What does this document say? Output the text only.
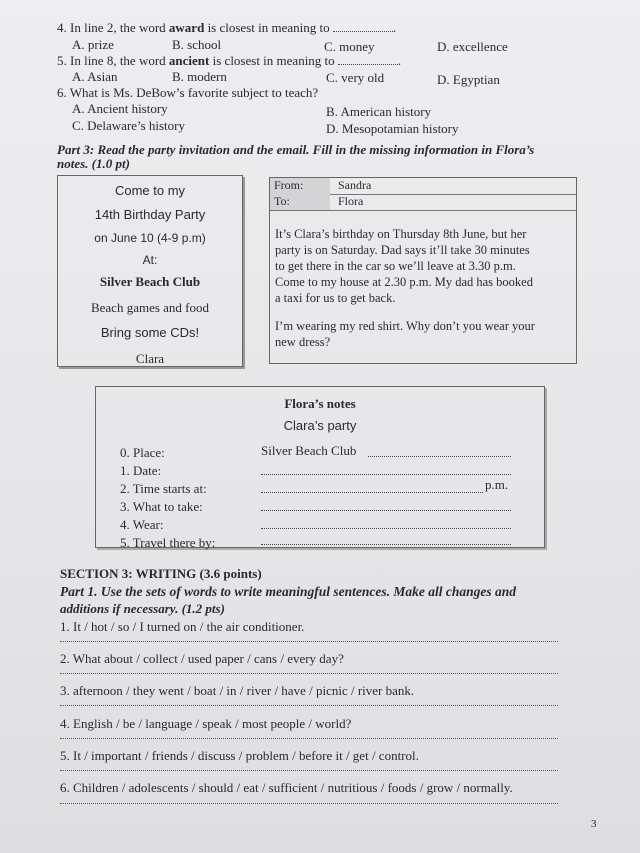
4. In line 2, the word award is closest in meaning to	.
A. prize	B. school	C. money	D. excellence
5. In line 8, the word ancient is closest in meaning to	.
A. Asian	B. modern	C. very old	D. Egyptian
6. What is Ms. DeBow’s favorite subject to teach?
A. Ancient history	B. American history
C. Delaware’s history	D. Mesopotamian history
Part 3: Read the party invitation and the email. Fill in the missing information in Flora’s
notes. (1.0 pt)
Come to my
14th Birthday Party
on June 10 (4-9 p.m)
At:
Silver Beach Club
Beach games and food
Bring some CDs!
Clara
From:	Sandra
To:	Flora
It’s Clara’s birthday on Thursday 8th June, but her
party is on Saturday. Dad says it’ll take 30 minutes
to get there in the car so we’ll leave at 3.30 p.m.
Come to my house at 2.30 p.m. My dad has booked
a taxi for us to get back.
I’m wearing my red shirt. Why don’t you wear your
new dress?
Flora’s notes
Clara’s party
0. Place:	Silver Beach Club
1. Date:
2. Time starts at:	p.m.
3. What to take:
4. Wear:
5. Travel there by:
SECTION 3: WRITING (3.6 points)
Part 1. Use the sets of words to write meaningful sentences. Make all changes and
additions if necessary. (1.2 pts)
1. It / hot / so / I turned on / the air conditioner.
2. What about / collect / used paper / cans / every day?
3. afternoon / they went / boat / in / river / have / picnic / river bank.
4. English / be / language / speak / most people / world?
5. It / important / friends / discuss / problem / before it / get / control.
6. Children / adolescents / should / eat / sufficient / nutritious / foods / grow / normally.
3
